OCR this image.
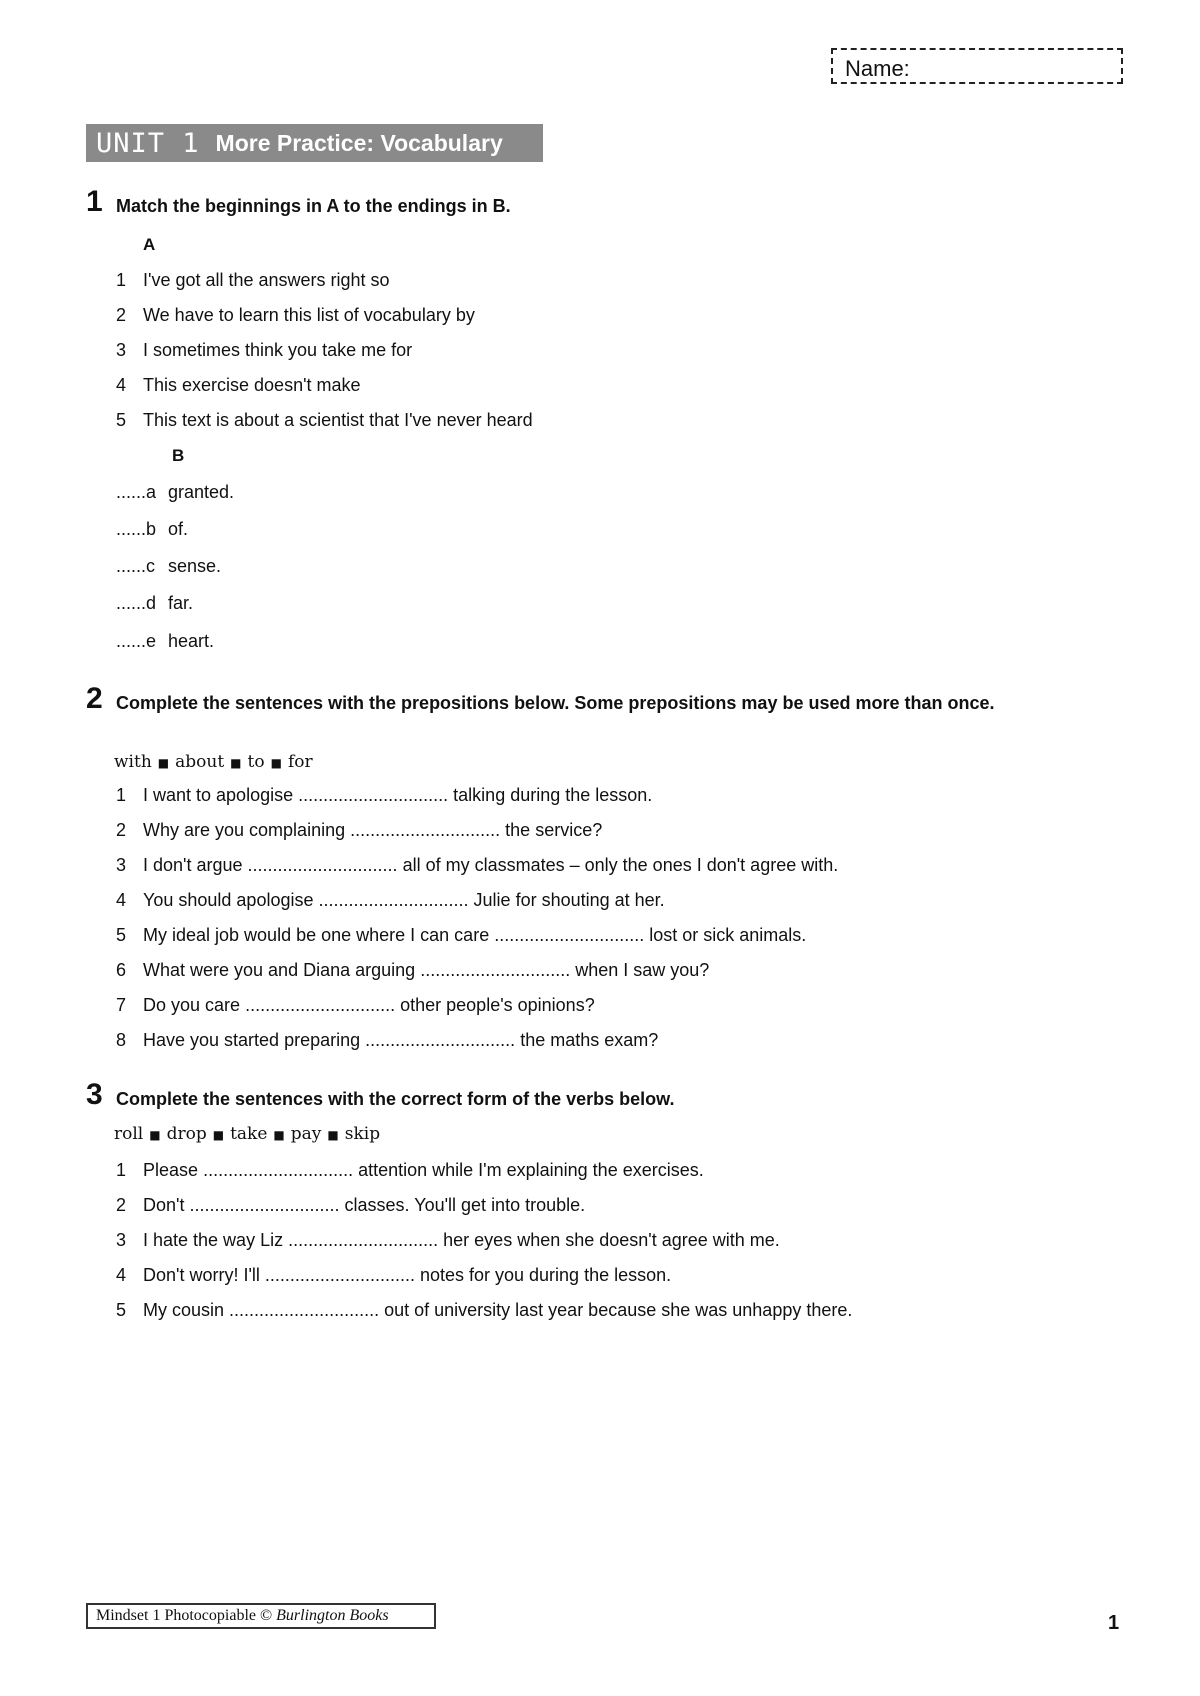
Name:
UNIT 1 More Practice: Vocabulary
1 Match the beginnings in A to the endings in B.
A
1 I've got all the answers right so
2 We have to learn this list of vocabulary by
3 I sometimes think you take me for
4 This exercise doesn't make
5 This text is about a scientist that I've never heard
B
......a granted.
......b of.
......c sense.
......d far.
......e heart.
2 Complete the sentences with the prepositions below. Some prepositions may be used more than once.
with ■ about ■ to ■ for
1 I want to apologise .............................. talking during the lesson.
2 Why are you complaining .............................. the service?
3 I don't argue .............................. all of my classmates – only the ones I don't agree with.
4 You should apologise .............................. Julie for shouting at her.
5 My ideal job would be one where I can care .............................. lost or sick animals.
6 What were you and Diana arguing .............................. when I saw you?
7 Do you care .............................. other people's opinions?
8 Have you started preparing .............................. the maths exam?
3 Complete the sentences with the correct form of the verbs below.
roll ■ drop ■ take ■ pay ■ skip
1 Please .............................. attention while I'm explaining the exercises.
2 Don't .............................. classes. You'll get into trouble.
3 I hate the way Liz .............................. her eyes when she doesn't agree with me.
4 Don't worry! I'll .............................. notes for you during the lesson.
5 My cousin .............................. out of university last year because she was unhappy there.
Mindset 1 Photocopiable © Burlington Books	1
